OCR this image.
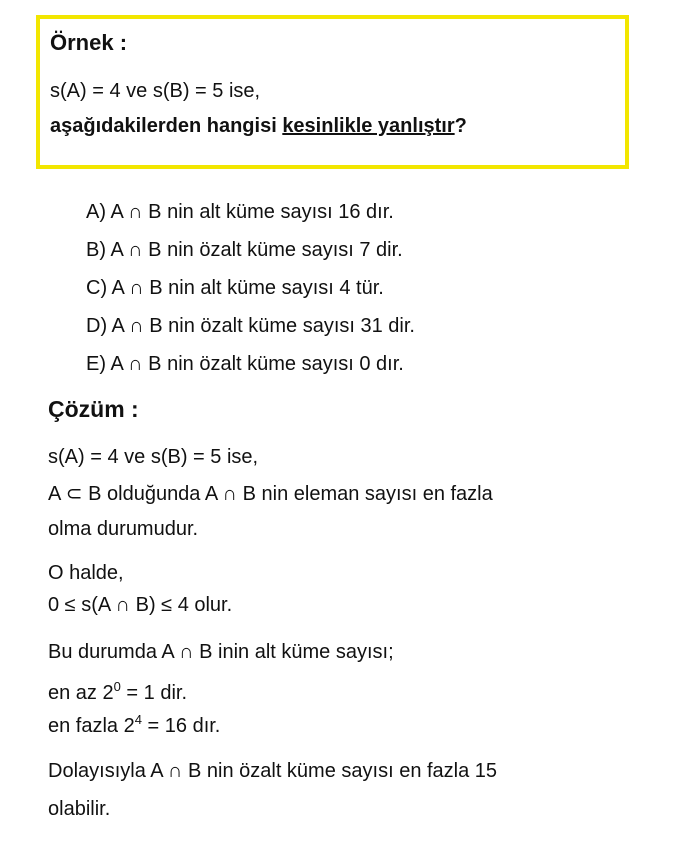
Örnek :
s(A) = 4 ve s(B) = 5 ise,
aşağıdakilerden hangisi kesinlikle yanlıştır?
A) A ∩ B nin alt küme sayısı 16 dır.
B) A ∩ B nin özalt küme sayısı 7 dir.
C) A ∩ B nin alt küme sayısı 4 tür.
D) A ∩ B nin özalt küme sayısı 31 dir.
E) A ∩ B nin özalt küme sayısı 0 dır.
Çözüm :
s(A) = 4 ve s(B) = 5 ise,
A ⊂ B olduğunda A ∩ B nin eleman sayısı en fazla
olma durumudur.
O halde,
0 ≤ s(A ∩ B) ≤ 4 olur.
Bu durumda A ∩ B inin alt küme sayısı;
en az $2^0 = 1$ dir.
en fazla $2^4 = 16$ dır.
Dolayısıyla A ∩ B nin özalt küme sayısı en fazla 15
olabilir.
